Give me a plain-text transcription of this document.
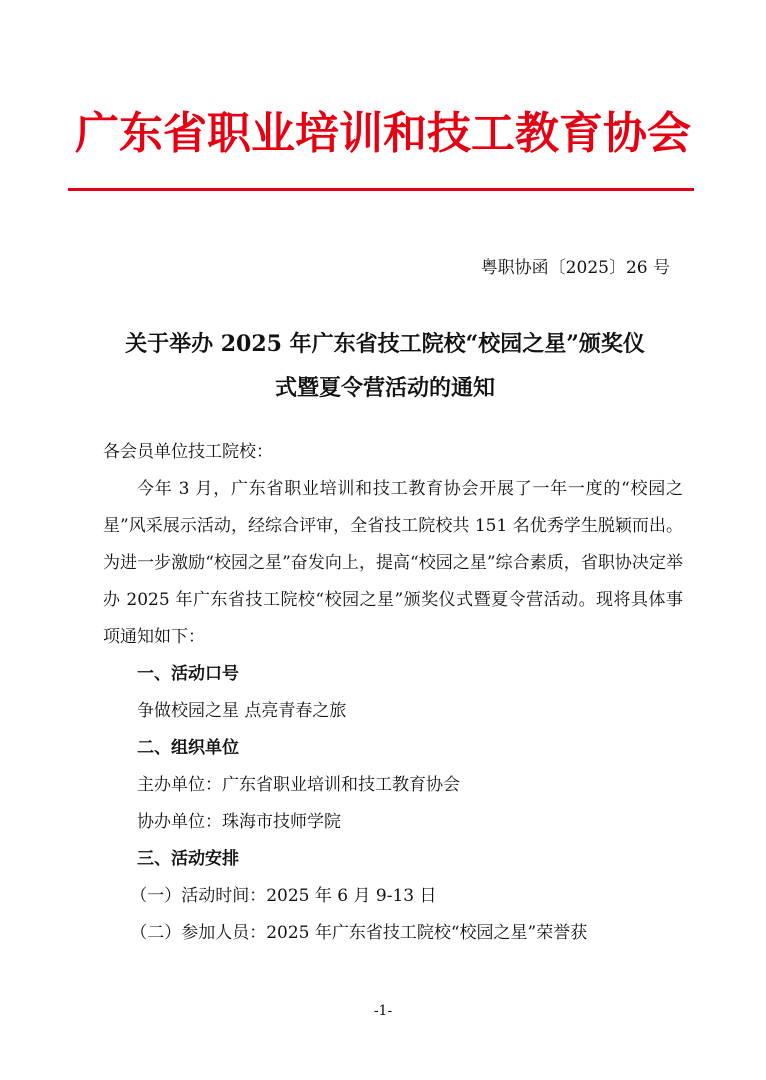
广东省职业培训和技工教育协会
粤职协函〔2025〕26 号
关于举办 2025 年广东省技工院校“校园之星”颁奖仪
式暨夏令营活动的通知

各会员单位技工院校：

今年 3 月，广东省职业培训和技工教育协会开展了一年一度的“校园之星”风采展示活动，经综合评审，全省技工院校共 151 名优秀学生脱颖而出。为进一步激励“校园之星”奋发向上，提高“校园之星”综合素质，省职协决定举办 2025 年广东省技工院校“校园之星”颁奖仪式暨夏令营活动。现将具体事项通知如下：

一、活动口号
争做校园之星 点亮青春之旅
二、组织单位
主办单位：广东省职业培训和技工教育协会
协办单位：珠海市技师学院
三、活动安排
（一）活动时间：2025 年 6 月 9-13 日
（二）参加人员：2025 年广东省技工院校“校园之星”荣誉获
-1-
